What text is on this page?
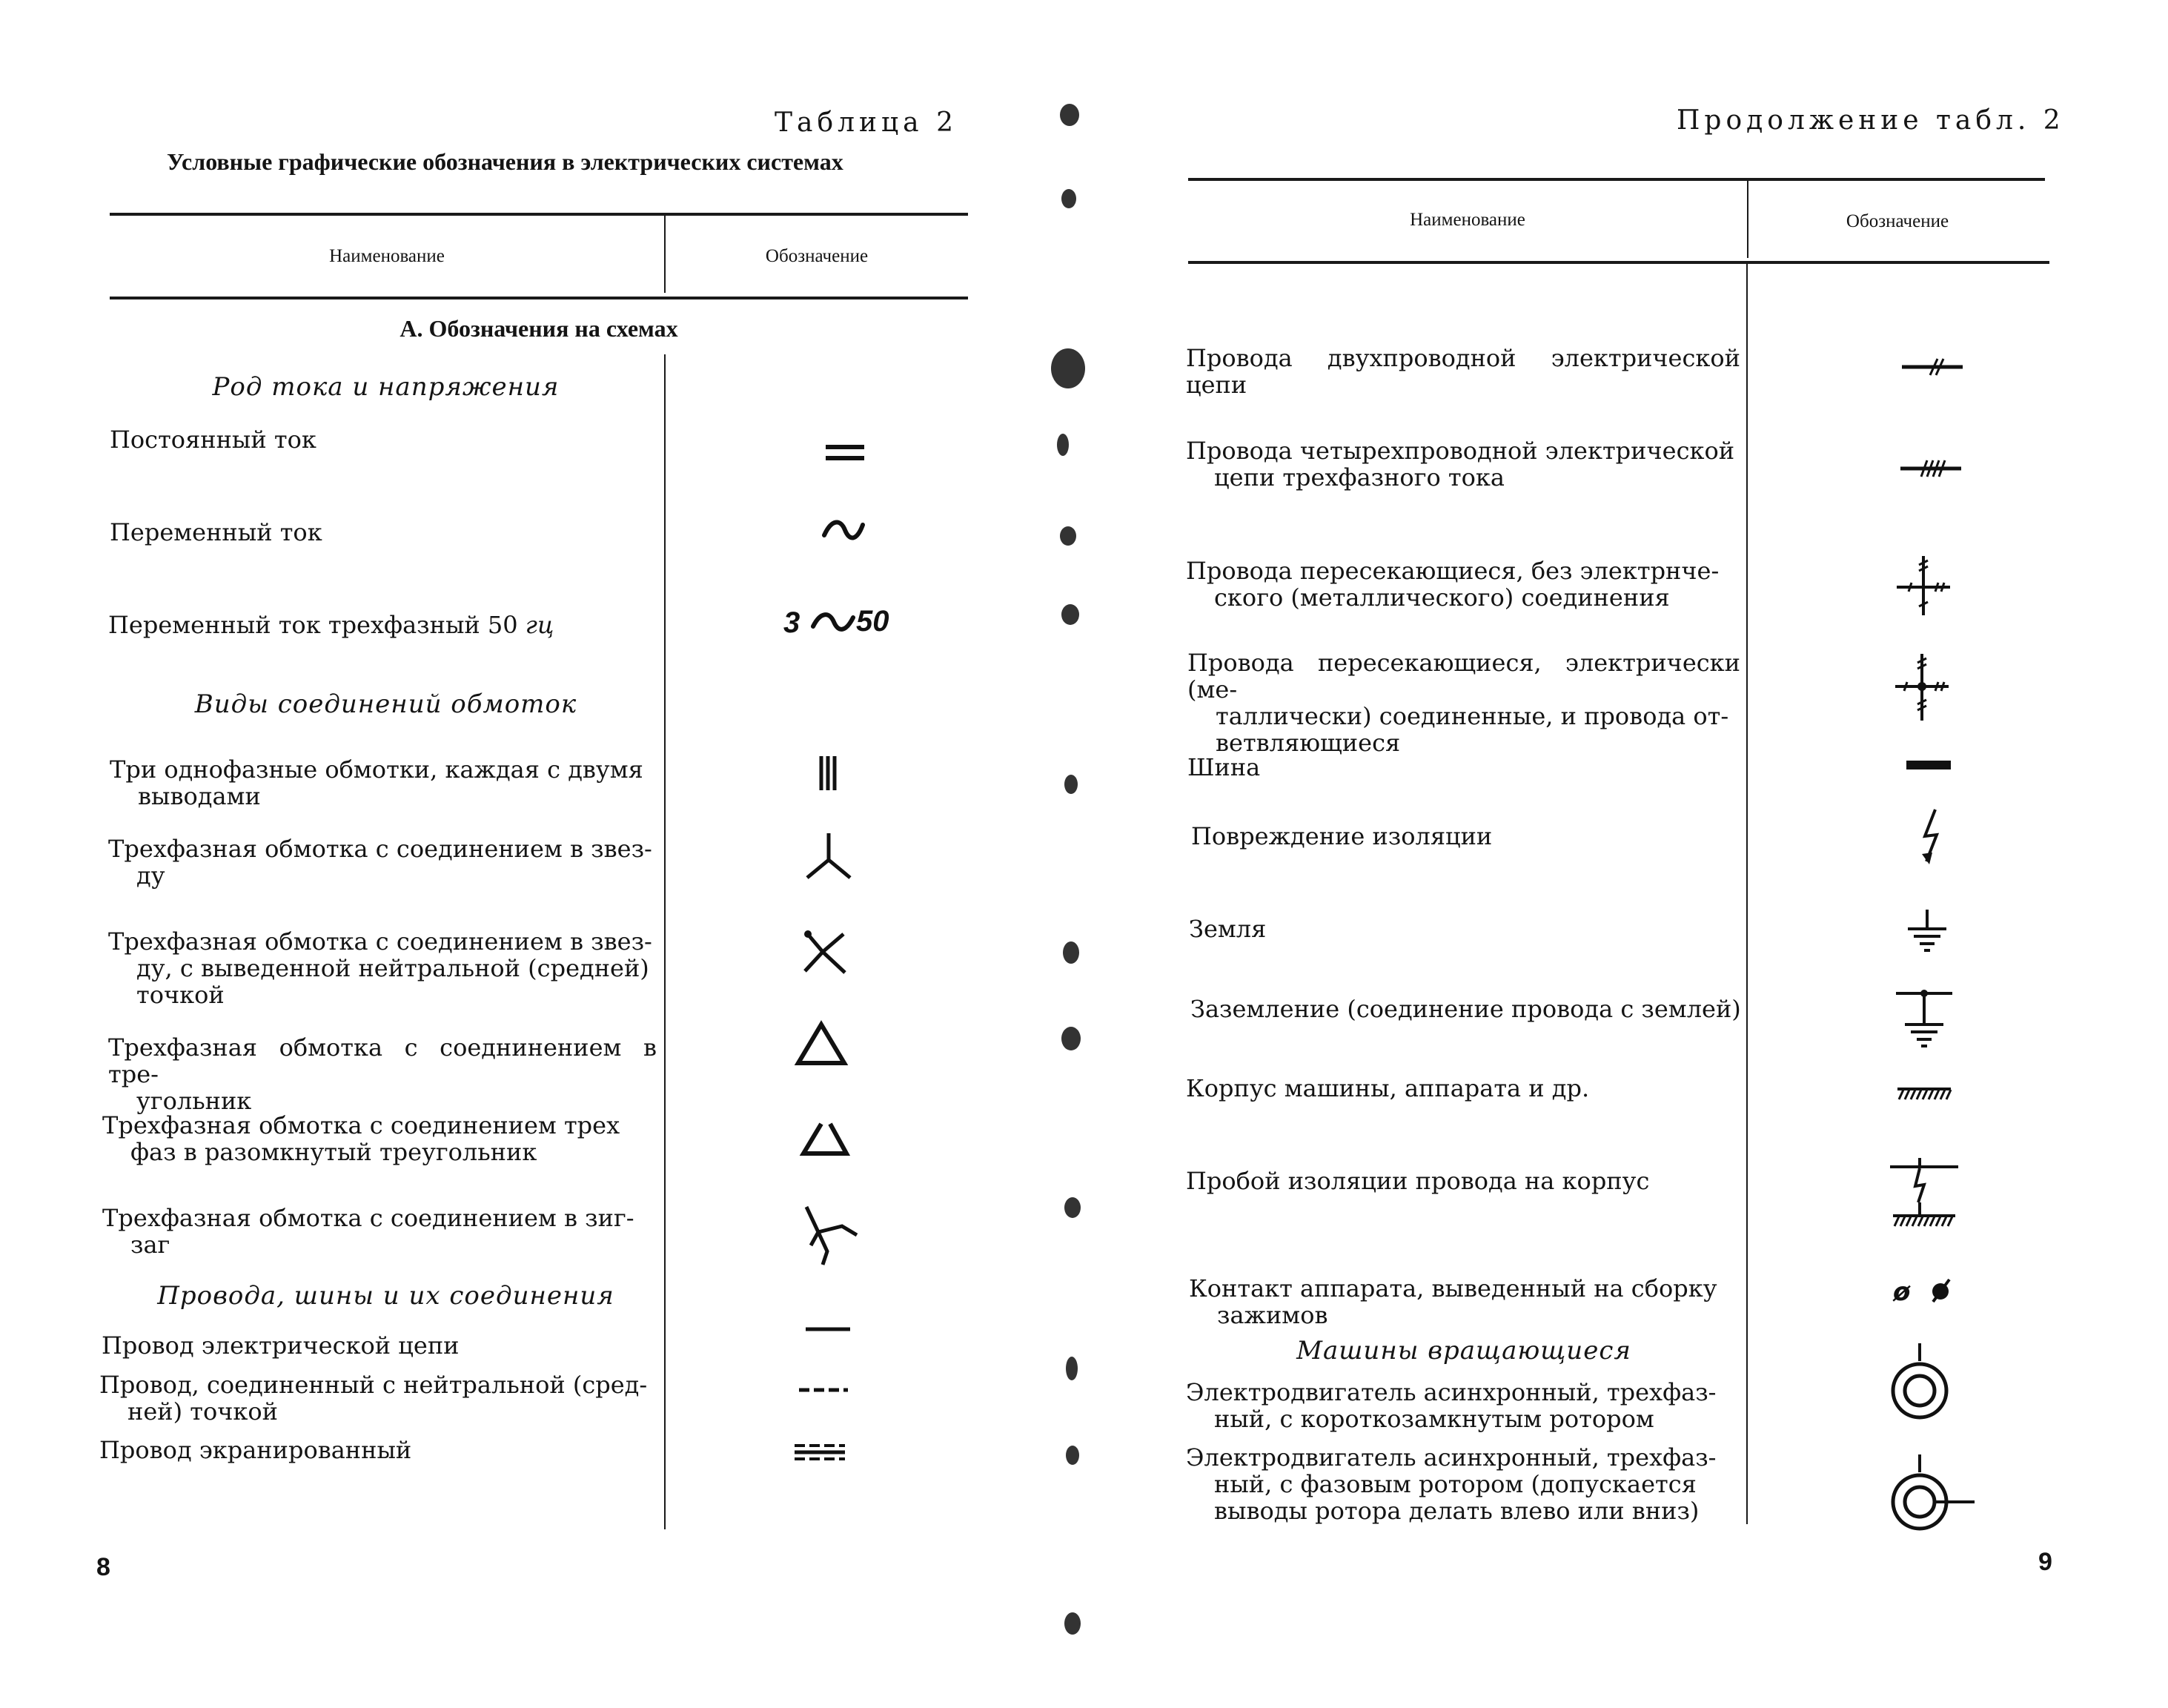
Таблица 2
Условные графические обозначения в электрических системах
Наименование	Обозначение
А. Обозначения на схемах
Род тока и напряжения
Постоянный ток
Переменный ток
Переменный ток трехфазный 50 гц
Виды соединений обмоток
Три однофазные обмотки, каждая с двумя
выводами
Трехфазная обмотка с соединением в звез-
ду
Трехфазная обмотка с соединением в звез-
ду, с выведенной нейтральной (средней)
точкой
Трехфазная обмотка с соеднинением в тре-
угольник
Трехфазная обмотка с соединением трех
фаз в разомкнутый треугольник
Трехфазная обмотка с соединением в зиг-
заг
Провода, шины и их соединения
Провод электрической цепи
Провод, соединенный с нейтральной (сред-
ней) точкой
Провод экранированный
3 50
8
Продолжение табл. 2
Наименование	Обозначение
Провода двухпроводной электрической цепи
Провода четырехпроводной электрической
цепи трехфазного тока
Провода пересекающиеся, без электрнче-
ского (металлического) соединения
Провода пересекающиеся, электрически (ме-
таллически) соединенные, и провода от-
ветвляющиеся
Шина
Повреждение изоляции
Земля
Заземление (соединение провода с землей)
Корпус машины, аппарата и др.
Пробой изоляции провода на корпус
Контакт аппарата, выведенный на сборку
зажимов
Машины вращающиеся
Электродвигатель асинхронный, трехфаз-
ный, с короткозамкнутым ротором
Электродвигатель асинхронный, трехфаз-
ный, с фазовым ротором (допускается
выводы ротора делать влево или вниз)
ø
9
